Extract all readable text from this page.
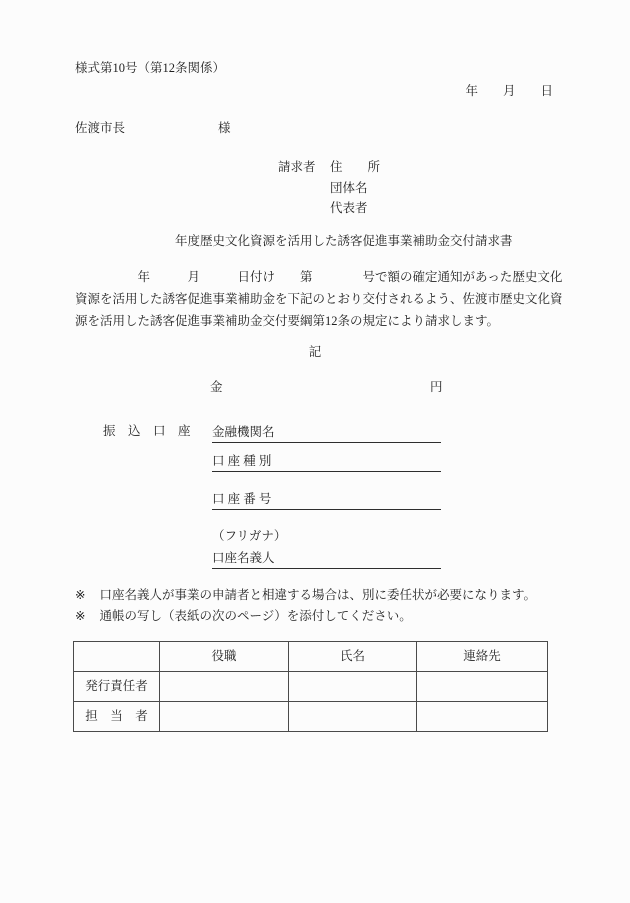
様式第10号（第12条関係）
年　　月　　日
佐渡市長	様
請求者 住　　所
団体名
代表者
年度歴史文化資源を活用した誘客促進事業補助金交付請求書
　　　　　年　　　月　　　日付け　　第　　　　号で額の確定通知があった歴史文化
資源を活用した誘客促進事業補助金を下記のとおり交付されるよう、佐渡市歴史文化資
源を活用した誘客促進事業補助金交付要綱第12条の規定により請求します。
記
金	円
振　込　口　座 金融機関名
口 座 種 別
口 座 番 号
（フリガナ）
口座名義人
※ 口座名義人が事業の申請者と相違する場合は、別に委任状が必要になります。
※ 通帳の写し（表紙の次のページ）を添付してください。
	役職	氏名	連絡先
発行責任者			
担　当　者			
